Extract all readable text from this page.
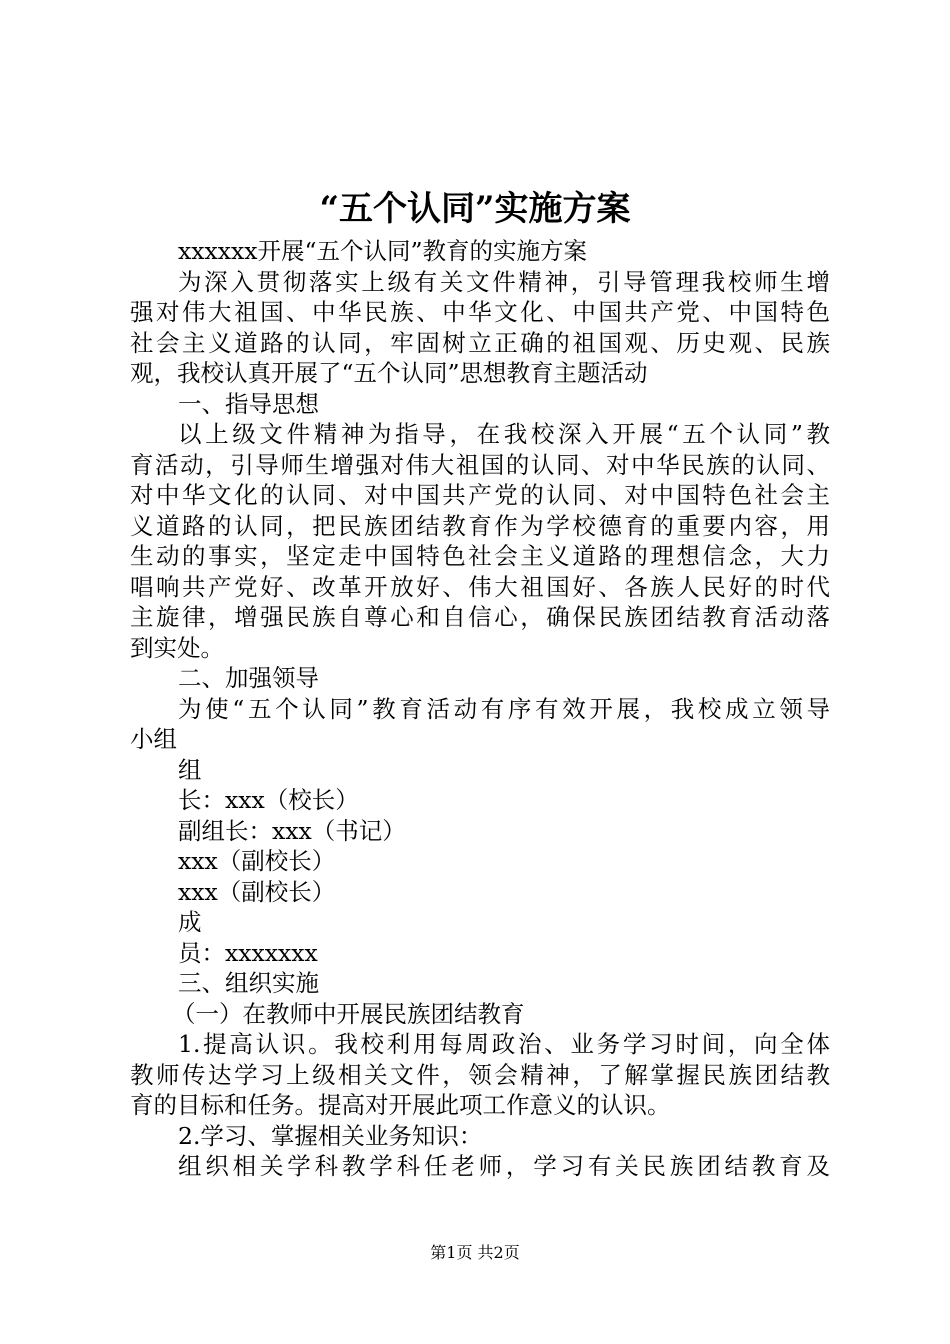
“五个认同”实施方案
xxxxxx开展“五个认同”教育的实施方案
为深入贯彻落实上级有关文件精神，引导管理我校师生增
强对伟大祖国、中华民族、中华文化、中国共产党、中国特色
社会主义道路的认同，牢固树立正确的祖国观、历史观、民族
观，我校认真开展了“五个认同”思想教育主题活动
一、指导思想
以上级文件精神为指导，在我校深入开展“五个认同”教
育活动，引导师生增强对伟大祖国的认同、对中华民族的认同、
对中华文化的认同、对中国共产党的认同、对中国特色社会主
义道路的认同，把民族团结教育作为学校德育的重要内容，用
生动的事实，坚定走中国特色社会主义道路的理想信念，大力
唱响共产党好、改革开放好、伟大祖国好、各族人民好的时代
主旋律，增强民族自尊心和自信心，确保民族团结教育活动落
到实处。
二、加强领导
为使“五个认同”教育活动有序有效开展，我校成立领导
小组
组
长：xxx（校长）
副组长：xxx（书记）
xxx（副校长）
xxx（副校长）
成
员：xxxxxxx
三、组织实施
（一）在教师中开展民族团结教育
1.提高认识。我校利用每周政治、业务学习时间，向全体
教师传达学习上级相关文件，领会精神，了解掌握民族团结教
育的目标和任务。提高对开展此项工作意义的认识。
2.学习、掌握相关业务知识：
组织相关学科教学科任老师，学习有关民族团结教育及
第1页 共2页
